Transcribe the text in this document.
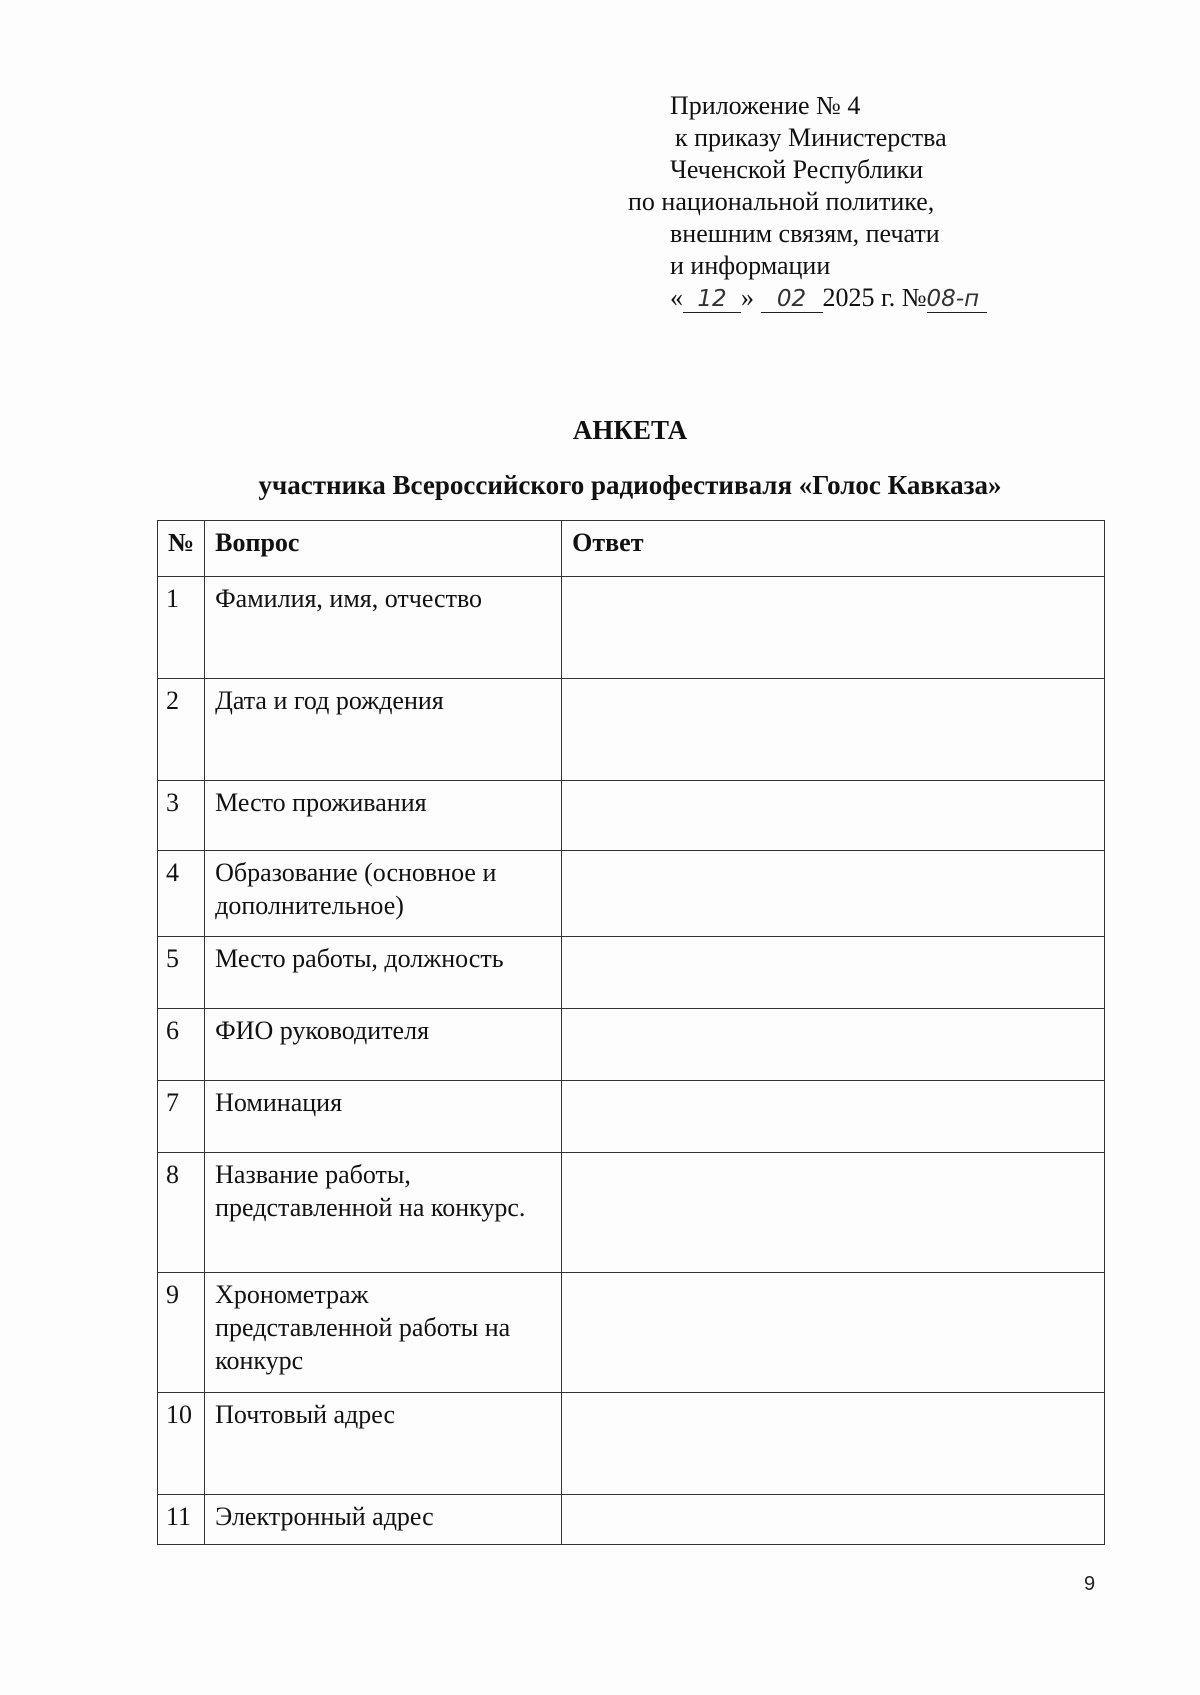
Приложение № 4
к приказу Министерства
Чеченской Республики
по национальной политике,
внешним связям, печати
и информации
« 12 » 02 2025 г. №08-п
АНКЕТА
участника Всероссийского радиофестиваля «Голос Кавказа»
№	Вопрос	Ответ
1	Фамилия, имя, отчество	
2	Дата и год рождения	
3	Место проживания	
4	Образование (основное и дополнительное)	
5	Место работы, должность	
6	ФИО руководителя	
7	Номинация	
8	Название работы, представленной на конкурс.	
9	Хронометраж представленной работы на конкурс	
10	Почтовый адрес	
11	Электронный адрес	
9
